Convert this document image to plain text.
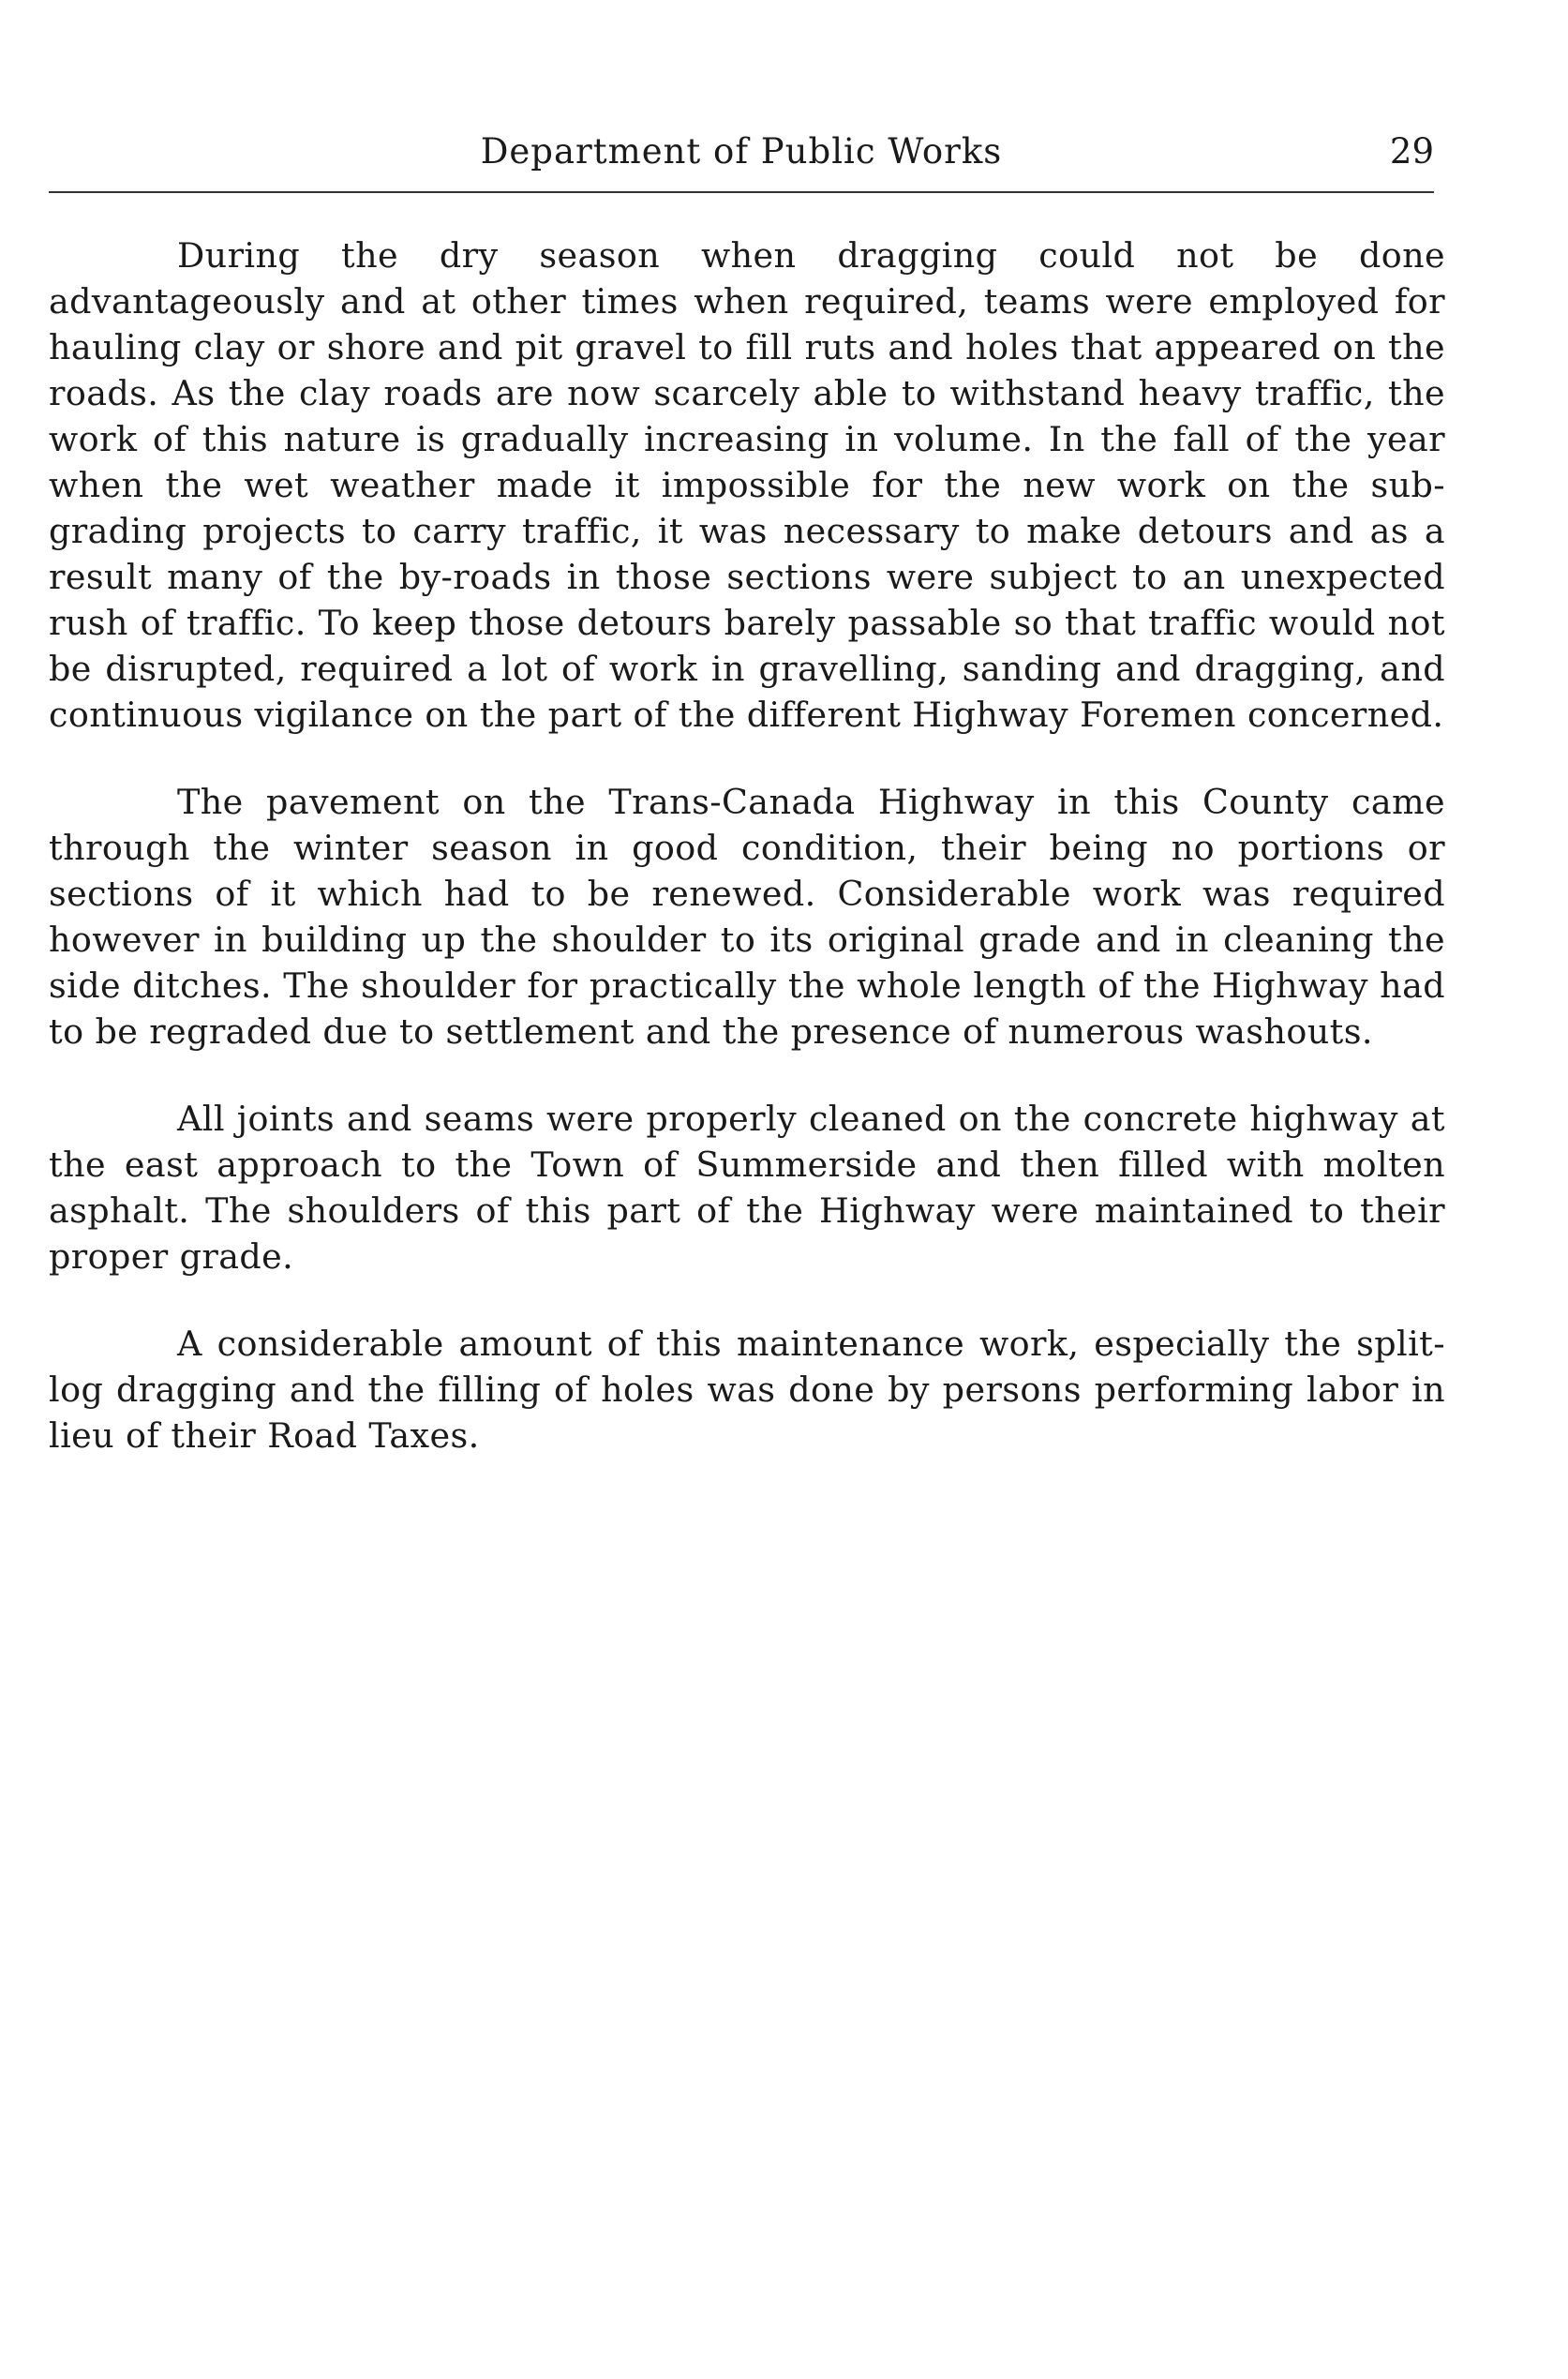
Department of Public Works	29

During the dry season when dragging could not be done advantageously and at other times when required, teams were employed for hauling clay or shore and pit gravel to fill ruts and holes that appeared on the roads. As the clay roads are now scarcely able to withstand heavy traffic, the work of this nature is gradually increasing in volume. In the fall of the year when the wet weather made it impossible for the new work on the sub-grading projects to carry traffic, it was necessary to make detours and as a result many of the by-roads in those sections were subject to an unexpected rush of traffic. To keep those detours barely passable so that traffic would not be disrupted, required a lot of work in gravelling, sanding and dragging, and continuous vigilance on the part of the different Highway Foremen concerned.

The pavement on the Trans-Canada Highway in this County came through the winter season in good condition, their being no portions or sections of it which had to be renewed. Considerable work was required however in building up the shoulder to its original grade and in cleaning the side ditches. The shoulder for practically the whole length of the Highway had to be regraded due to settlement and the presence of numerous washouts.

All joints and seams were properly cleaned on the concrete highway at the east approach to the Town of Summerside and then filled with molten asphalt. The shoulders of this part of the Highway were maintained to their proper grade.

A considerable amount of this maintenance work, especially the split-log dragging and the filling of holes was done by persons performing labor in lieu of their Road Taxes.
